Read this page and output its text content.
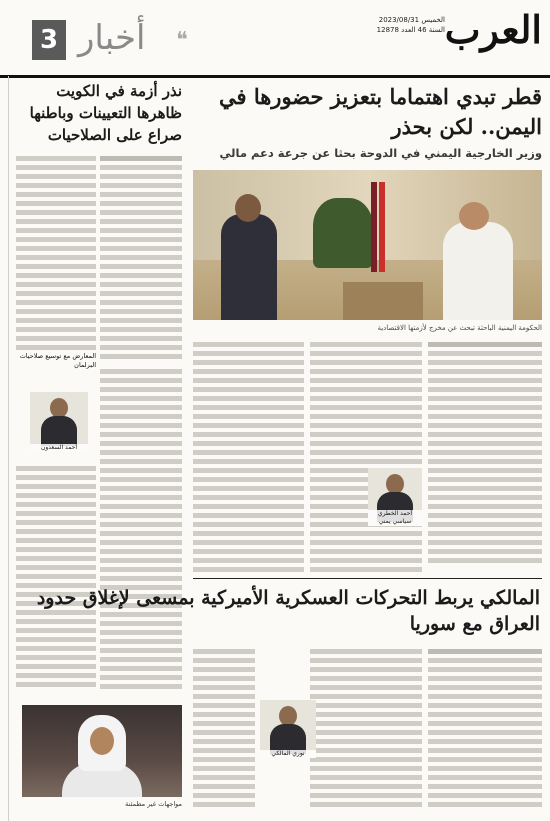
العرب
الخميس 2023/08/31
السنة 46 العدد 12878
3 أخبار ❝
قطر تبدي اهتماما بتعزيز حضورها في اليمن.. لكن بحذر
وزير الخارجية اليمني في الدوحة بحثا عن جرعة دعم مالي
الحكومة اليمنية الباحثة تبحث عن مخرج لأزمتها الاقتصادية
أحمد الخطري سياسي يمني
نذر أزمة في الكويت ظاهرها التعيينات وباطنها صراع على الصلاحيات
المعارض مع توسيع صلاحيات البرلمان
أحمد السعدون
مواجهات غير مطمئنة
المالكي يربط التحركات العسكرية الأميركية بمسعى لإغلاق حدود العراق مع سوريا
نوري المالكي
